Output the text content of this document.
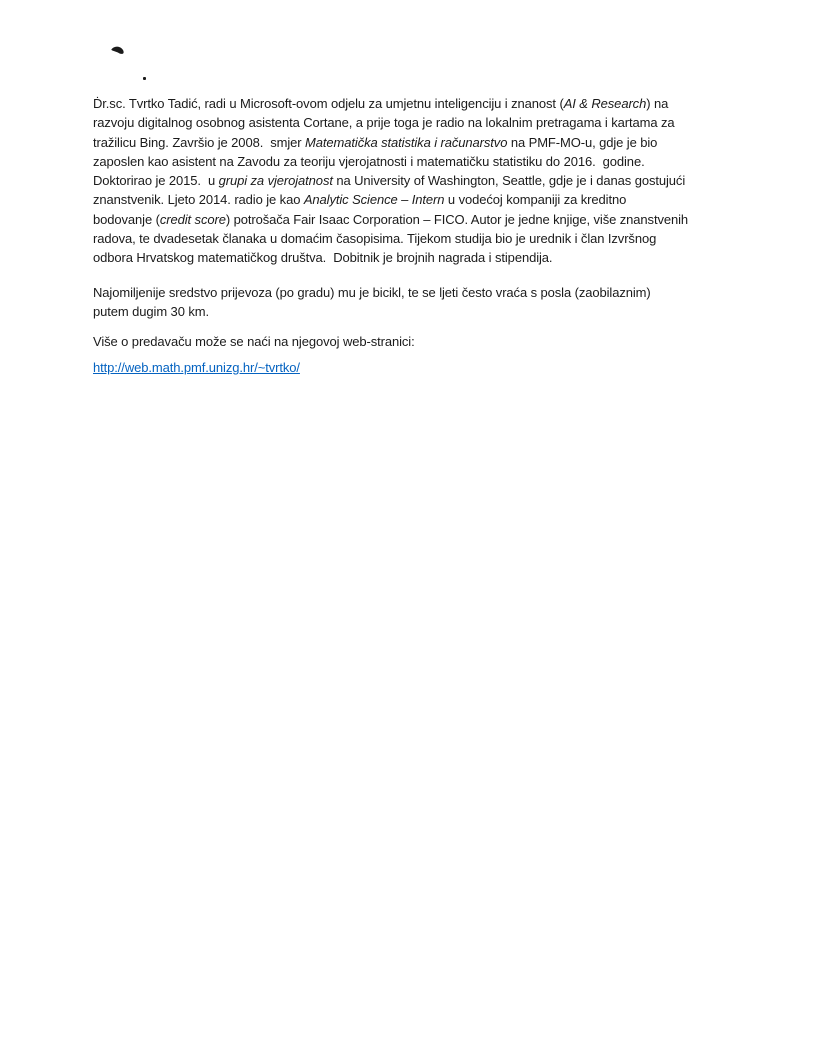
Ḋr.sc. Tvrtko Tadić, radi u Microsoft-ovom odjelu za umjetnu inteligenciju i znanost (AI & Research) na
razvoju digitalnog osobnog asistenta Cortane, a prije toga je radio na lokalnim pretragama i kartama za
tražilicu Bing. Završio je 2008.  smjer Matematička statistika i računarstvo na PMF-MO-u, gdje je bio
zaposlen kao asistent na Zavodu za teoriju vjerojatnosti i matematičku statistiku do 2016.  godine.
Doktorirao je 2015.  u grupi za vjerojatnost na University of Washington, Seattle, gdje je i danas gostujući
znanstvenik. Ljeto 2014. radio je kao Analytic Science – Intern u vodećoj kompaniji za kreditno
bodovanje (credit score) potrošača Fair Isaac Corporation – FICO. Autor je jedne knjige, više znanstvenih
radova, te dvadesetak članaka u domaćim časopisima. Tijekom studija bio je urednik i član Izvršnog
odbora Hrvatskog matematičkog društva.  Dobitnik je brojnih nagrada i stipendija.
Najomiljenije sredstvo prijevoza (po gradu) mu je bicikl, te se ljeti često vraća s posla (zaobilaznim)
putem dugim 30 km.
Više o predavaču može se naći na njegovoj web-stranici:
http://web.math.pmf.unizg.hr/~tvrtko/
